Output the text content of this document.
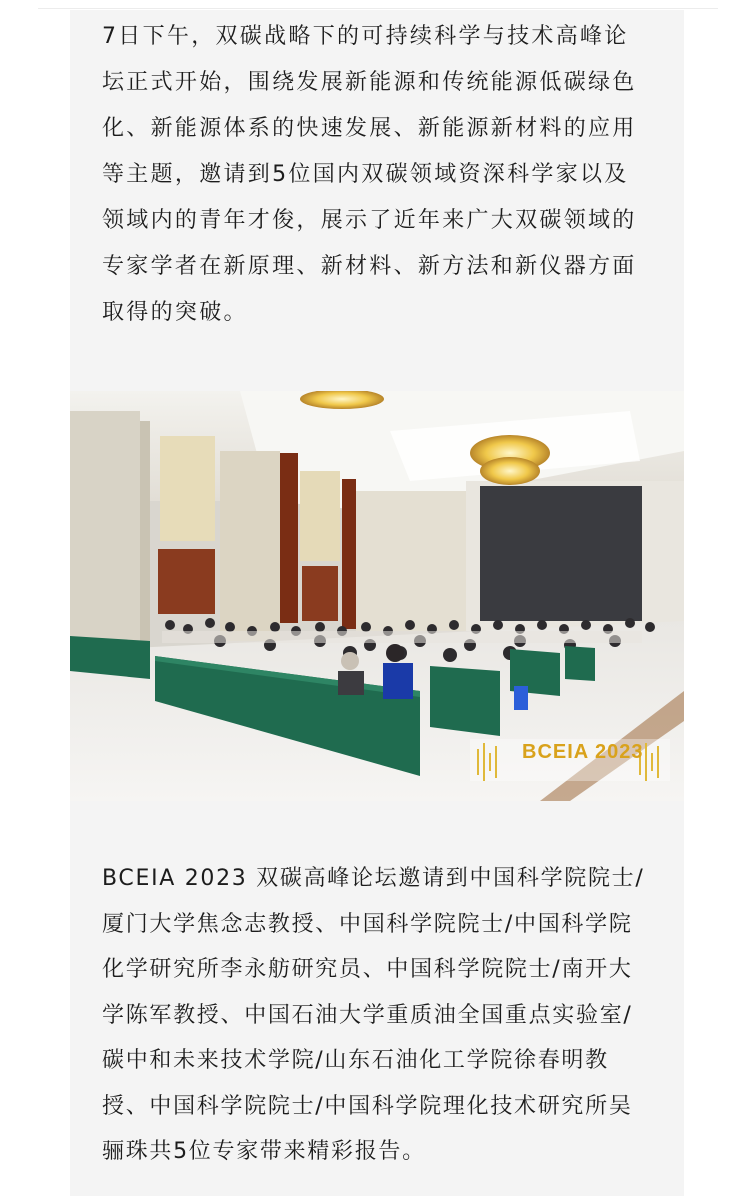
7日下午，双碳战略下的可持续科学与技术高峰论
坛正式开始，围绕发展新能源和传统能源低碳绿色
化、新能源体系的快速发展、新能源新材料的应用
等主题，邀请到5位国内双碳领域资深科学家以及
领域内的青年才俊，展示了近年来广大双碳领域的
专家学者在新原理、新材料、新方法和新仪器方面
取得的突破。
BCEIA 2023
BCEIA 2023 双碳高峰论坛邀请到中国科学院院士/
厦门大学焦念志教授、中国科学院院士/中国科学院
化学研究所李永舫研究员、中国科学院院士/南开大
学陈军教授、中国石油大学重质油全国重点实验室/
碳中和未来技术学院/山东石油化工学院徐春明教
授、中国科学院院士/中国科学院理化技术研究所吴
骊珠共5位专家带来精彩报告。
